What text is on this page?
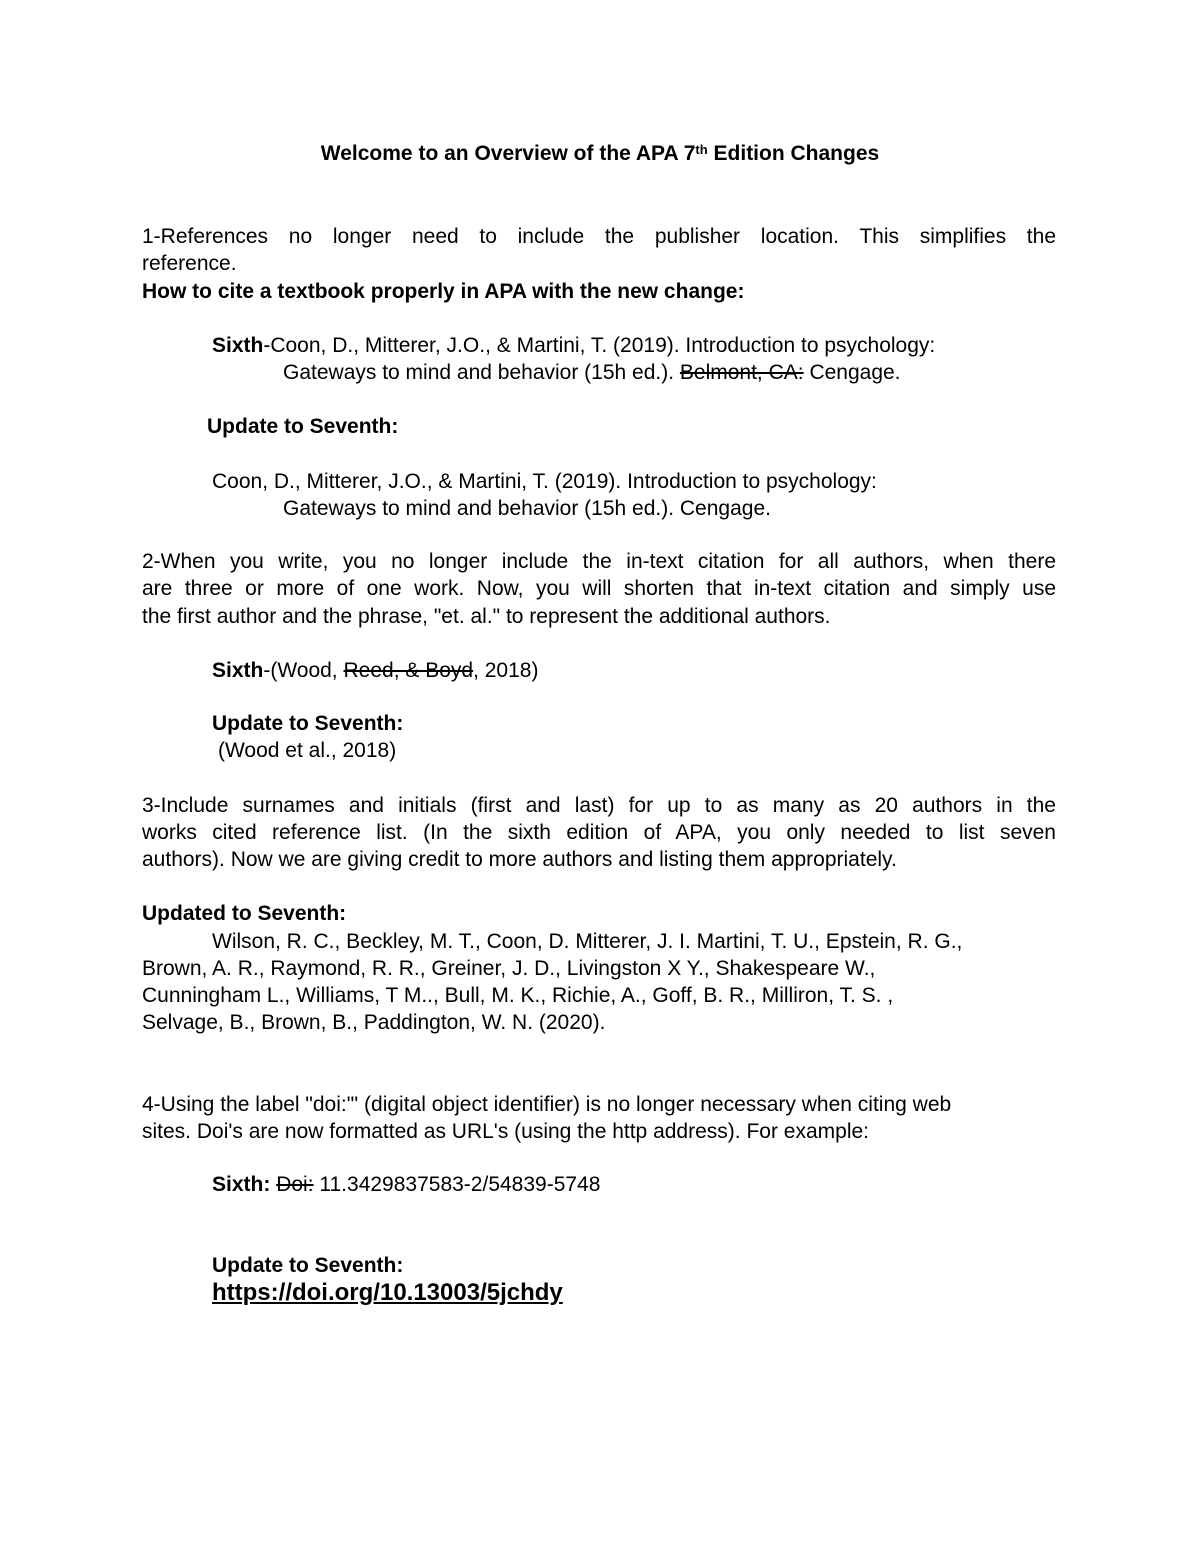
Welcome to an Overview of the APA 7th Edition Changes
1-References no longer need to include the publisher location. This simplifies the
reference.
How to cite a textbook properly in APA with the new change:
Sixth-Coon, D., Mitterer, J.O., & Martini, T. (2019). Introduction to psychology:
Gateways to mind and behavior (15h ed.). Belmont, CA: Cengage.
Update to Seventh:
Coon, D., Mitterer, J.O., & Martini, T. (2019). Introduction to psychology:
Gateways to mind and behavior (15h ed.). Cengage.
2-When you write, you no longer include the in-text citation for all authors, when there
are three or more of one work. Now, you will shorten that in-text citation and simply use
the first author and the phrase, "et. al." to represent the additional authors.
Sixth-(Wood, Reed, & Boyd, 2018)
Update to Seventh:
(Wood et al., 2018)
3-Include surnames and initials (first and last) for up to as many as 20 authors in the
works cited reference list. (In the sixth edition of APA, you only needed to list seven
authors). Now we are giving credit to more authors and listing them appropriately.
Updated to Seventh:
Wilson, R. C., Beckley, M. T., Coon, D. Mitterer, J. I. Martini, T. U., Epstein, R. G.,
Brown, A. R., Raymond, R. R., Greiner, J. D., Livingston X Y., Shakespeare W.,
Cunningham L., Williams, T M.., Bull, M. K., Richie, A., Goff, B. R., Milliron, T. S. ,
Selvage, B., Brown, B., Paddington, W. N. (2020).
4-Using the label "doi:"' (digital object identifier) is no longer necessary when citing web
sites. Doi's are now formatted as URL's (using the http address). For example:
Sixth: Doi: 11.3429837583-2/54839-5748
Update to Seventh:
https://doi.org/10.13003/5jchdy
